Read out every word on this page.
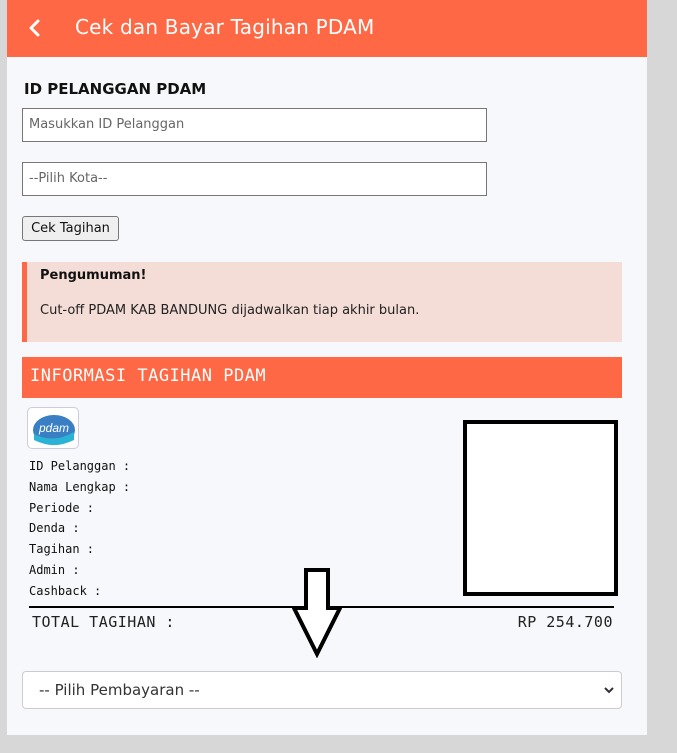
Cek dan Bayar Tagihan PDAM
ID PELANGGAN PDAM
Masukkan ID Pelanggan
--Pilih Kota--
Cek Tagihan
Pengumuman!
Cut-off PDAM KAB BANDUNG dijadwalkan tiap akhir bulan.
INFORMASI TAGIHAN PDAM
pdam
ID Pelanggan :
Nama Lengkap :
Periode :
Denda :
Tagihan :
Admin :
Cashback :
TOTAL TAGIHAN :	RP 254.700
-- Pilih Pembayaran --
